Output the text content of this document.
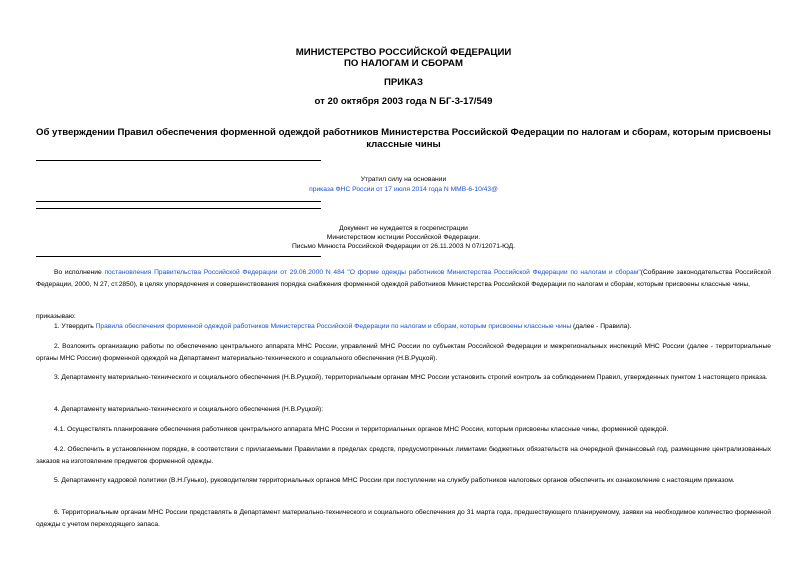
МИНИСТЕРСТВО РОССИЙСКОЙ ФЕДЕРАЦИИ
ПО НАЛОГАМ И СБОРАМ
ПРИКАЗ
от 20 октября 2003 года N БГ-3-17/549
Об утверждении Правил обеспечения форменной одеждой работников Министерства Российской Федерации по налогам и сборам, которым присвоены классные чины
Утратил силу на основании
приказа ФНС России от 17 июля 2014 года N ММВ-6-10/43@
Документ не нуждается в госрегистрации
Министерством юстиции Российской Федерации.
Письмо Минюста Российской Федерации от 26.11.2003 N 07/12071-ЮД.
Во исполнение постановления Правительства Российской Федерации от 29.06.2000 N 484 "О форме одежды работников Министерства Российской Федерации по налогам и сборам"(Собрание законодательства Российской Федерации, 2000, N 27, ст.2850), в целях упорядочения и совершенствования порядка снабжения форменной одеждой работников Министерства Российской Федерации по налогам и сборам, которым присвоены классные чины,
приказываю:
1. Утвердить Правила обеспечения форменной одеждой работников Министерства Российской Федерации по налогам и сборам, которым присвоены классные чины (далее - Правила).
2. Возложить организацию работы по обеспечению центрального аппарата МНС России, управлений МНС России по субъектам Российской Федерации и межрегиональных инспекций МНС России (далее - территориальные органы МНС России) форменной одеждой на Департамент материально-технического и социального обеспечения (Н.В.Руцкой).
3. Департаменту материально-технического и социального обеспечения (Н.В.Руцкой), территориальным органам МНС России установить строгий контроль за соблюдением Правил, утвержденных пунктом 1 настоящего приказа.
4. Департаменту материально-технического и социального обеспечения (Н.В.Руцкой):
4.1. Осуществлять планирование обеспечения работников центрального аппарата МНС России и территориальных органов МНС России, которым присвоены классные чины, форменной одеждой.
4.2. Обеспечить в установленном порядке, в соответствии с прилагаемыми Правилами в пределах средств, предусмотренных лимитами бюджетных обязательств на очередной финансовый год, размещение централизованных заказов на изготовление предметов форменной одежды.
5. Департаменту кадровой политики (В.Н.Гунько), руководителям территориальных органов МНС России при поступлении на службу работников налоговых органов обеспечить их ознакомление с настоящим приказом.
6. Территориальным органам МНС России представлять в Департамент материально-технического и социального обеспечения до 31 марта года, предшествующего планируемому, заявки на необходимое количество форменной одежды с учетом переходящего запаса.
